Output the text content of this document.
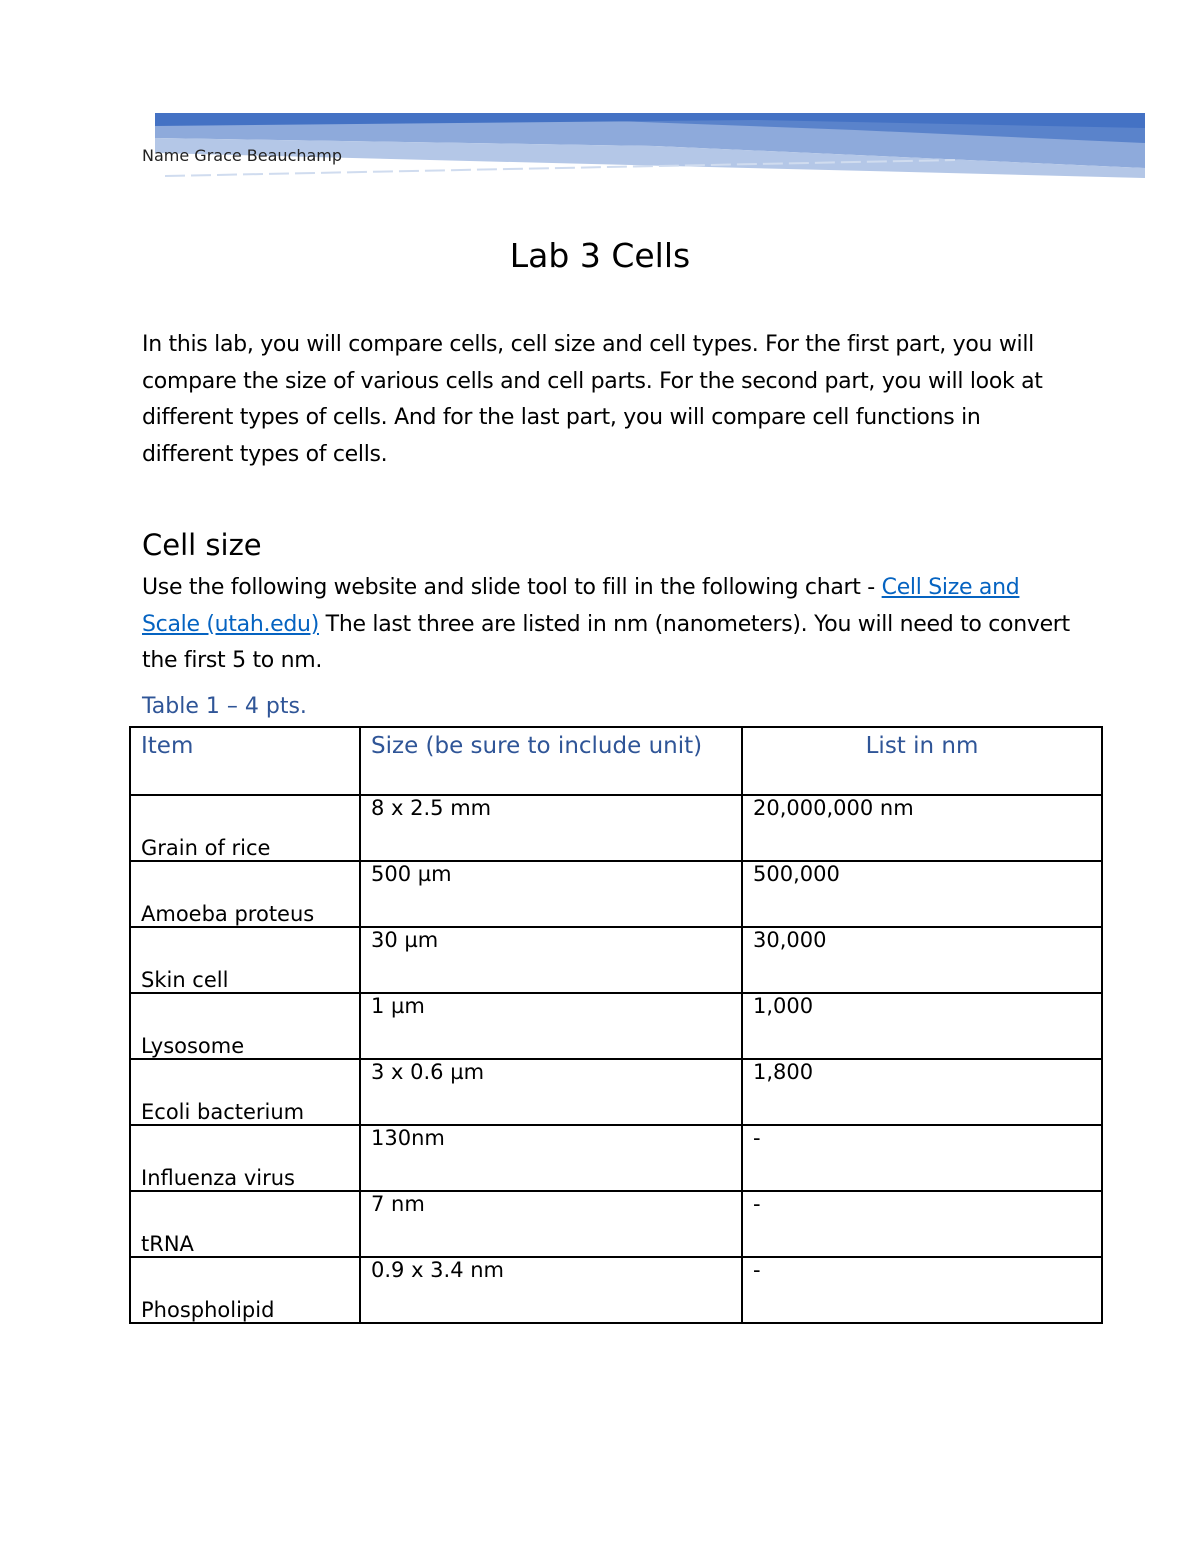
Name Grace Beauchamp
Lab 3 Cells

In this lab, you will compare cells, cell size and cell types. For the first part, you will compare the size of various cells and cell parts. For the second part, you will look at different types of cells. And for the last part, you will compare cell functions in different types of cells.

Cell size

Use the following website and slide tool to fill in the following chart - Cell Size and Scale (utah.edu) The last three are listed in nm (nanometers). You will need to convert the first 5 to nm.

Table 1 – 4 pts.
Item	Size (be sure to include unit)	List in nm
Grain of rice	8 x 2.5 mm	20,000,000 nm
Amoeba proteus	500 µm	500,000
Skin cell	30 µm	30,000
Lysosome	1 µm	1,000
Ecoli bacterium	3 x 0.6 µm	1,800
Influenza virus	130nm	-
tRNA	7 nm	-
Phospholipid	0.9 x 3.4 nm	-
